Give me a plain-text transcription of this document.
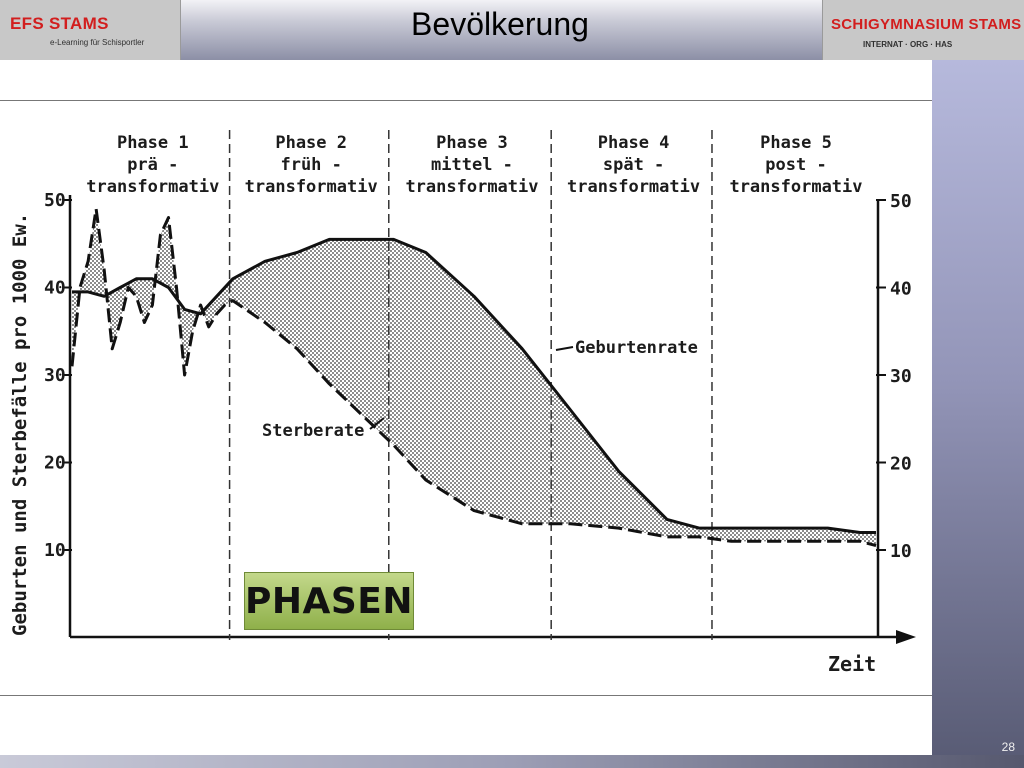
EFS STAMS
e-Learning für Schisportler
Bevölkerung	SCHIGYMNASIUM STAMS
INTERNAT · ORG · HAS
28
50	50
40	40
30	30
20	20
10	10
Phase 1
prä -
transformativ
Phase 2
früh -
transformativ
Phase 3
mittel -
transformativ
Phase 4
spät -
transformativ
Phase 5
post -
transformativ
Geburten und Sterbefälle pro 1000 Ew.
Zeit
Geburtenrate
Sterberate
PHASEN
